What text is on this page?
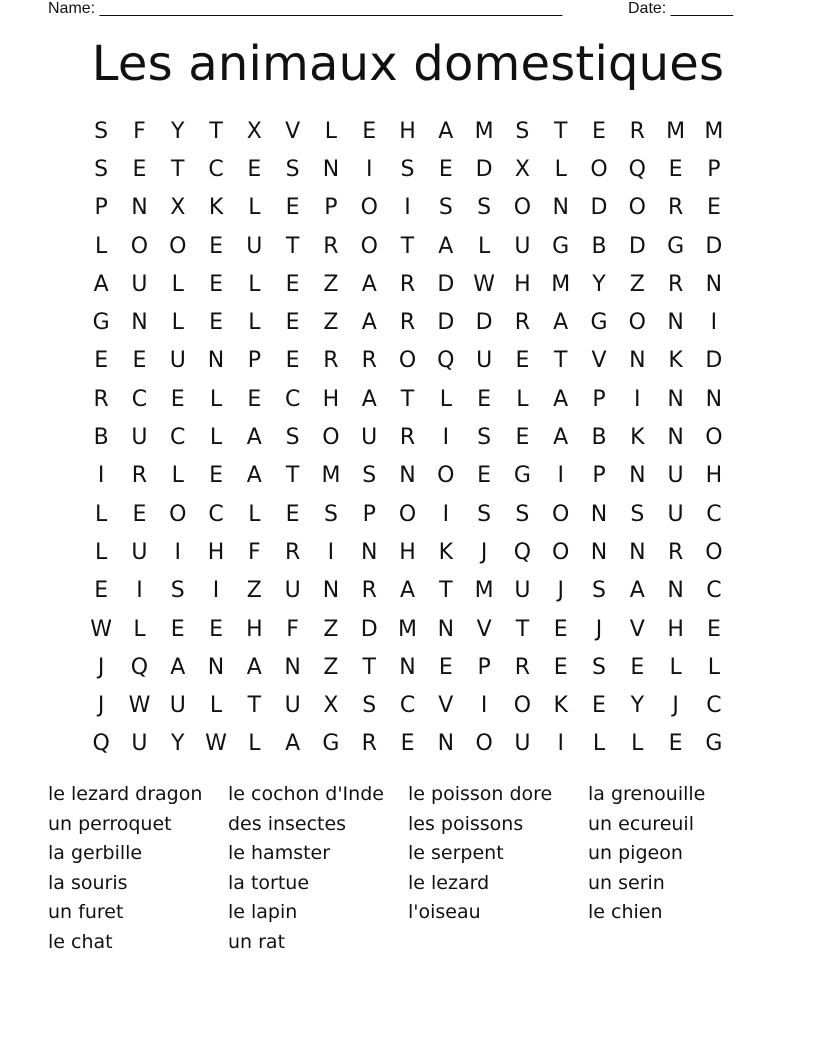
Name: ____________________________________________________

	Date: _______

Les animaux domestiques
S	F	Y	T	X	V	L	E	H	A M S	T	E	R M M
S	E	T	C	E	S	N	I	S	E	D	X	L	O Q	E	P
P	N	X	K	L	E	P	O	I	S	S	O N D O R	E
L	O O	E	U	T	R O	T	A	L	U G	B	D G D
A	U	L	E	L	E	Z	A	R	D W H M	Y	Z	R	N
G N	L	E	L	E	Z	A	R	D D	R	A	G O N	I
E	E	U	N	P	E	R	R O Q U	E	T	V	N	K	D
R	C	E	L	E	C	H	A	T	L	E	L	A	P	I	N N
B	U	C	L	A	S	O U	R	I	S	E	A	B	K	N O
I	R	L	E	A	T	M S	N O	E	G	I	P	N	U H
L	E	O C	L	E	S	P	O	I	S	S	O N	S	U	C
L	U	I	H	F	R	I	N H	K	J	Q O N N	R O
E	I	S	I	Z	U	N	R	A	T	M U	J	S	A	N	C
W L	E	E	H	F	Z	D M N	V	T	E	J	V	H	E
J	Q	A	N	A	N	Z	T	N	E	P	R	E	S	E	L	L
J	W U	L	T	U	X	S	C	V	I	O	K	E	Y	J	C
Q U	Y W L	A	G	R	E	N O U	I	L	L	E	G
le lezard dragon	le cochon d'Inde	le poisson dore	la grenouille
un perroquet	des insectes	les poissons	un ecureuil
la gerbille	le hamster	le serpent	un pigeon
la souris	la tortue	le lezard	un serin
un furet	le lapin	l'oiseau	le chien
le chat	un rat
